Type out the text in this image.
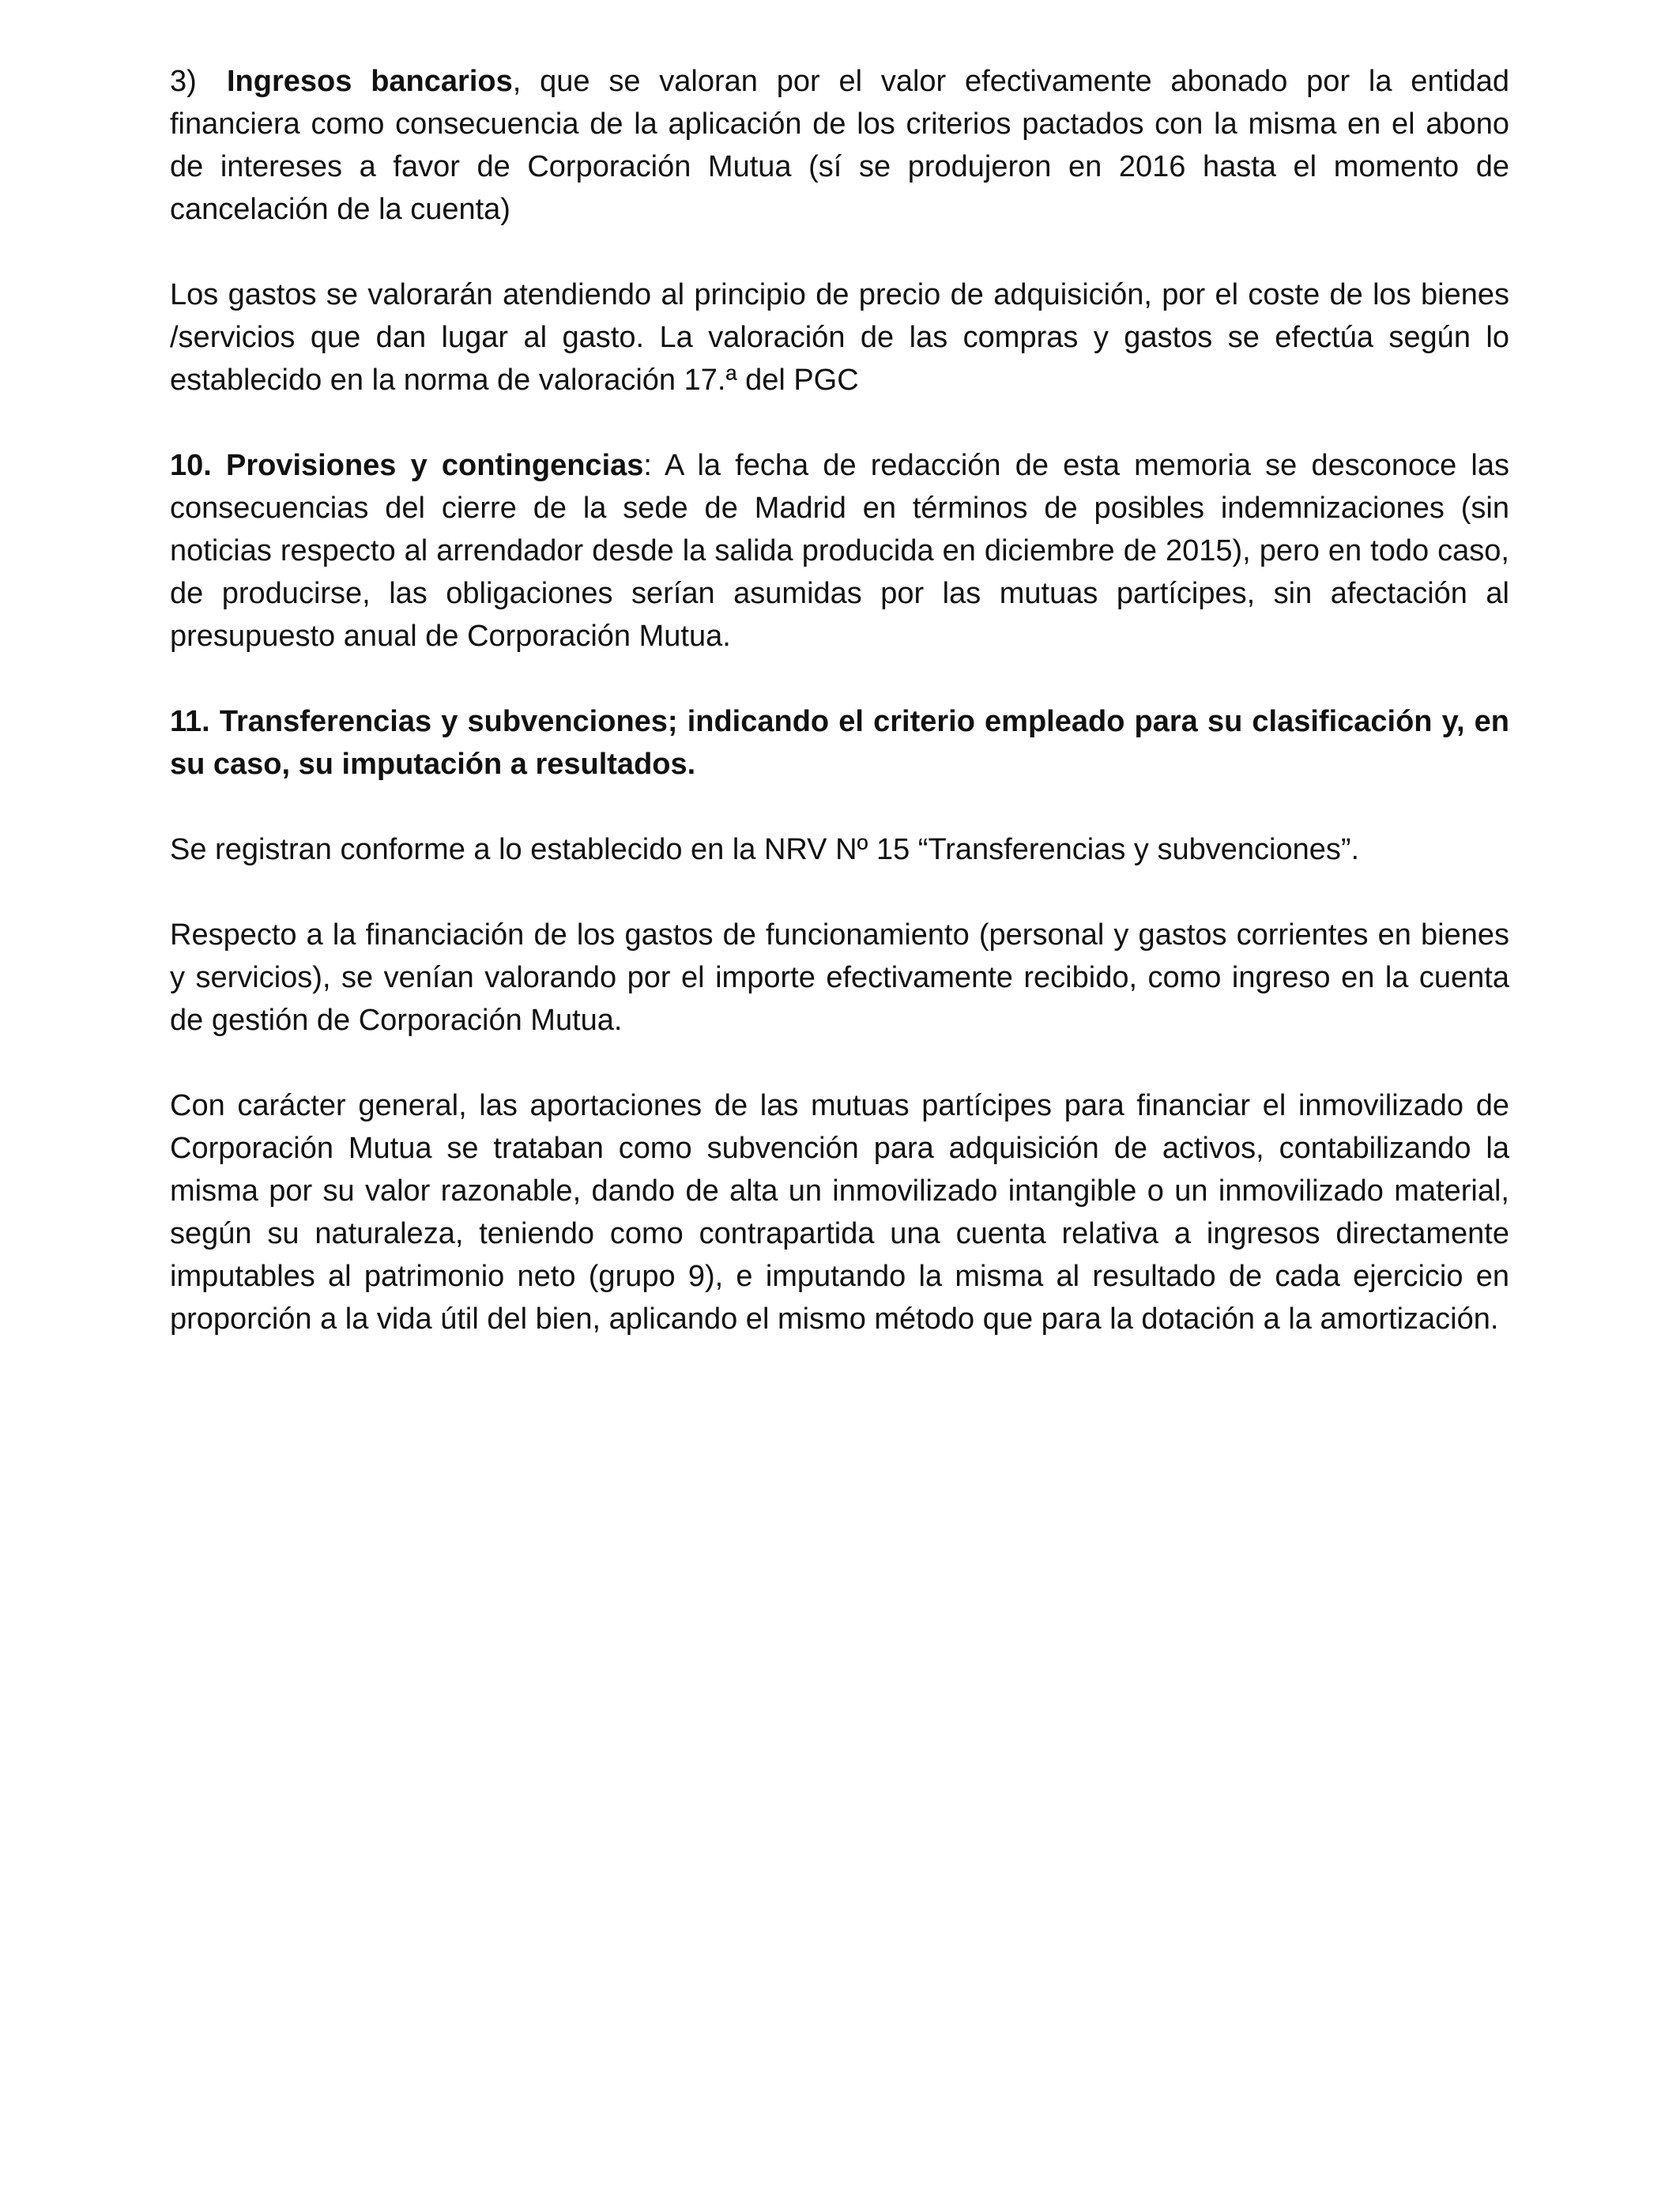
3) Ingresos bancarios, que se valoran por el valor efectivamente abonado por la entidad financiera como consecuencia de la aplicación de los criterios pactados con la misma en el abono de intereses a favor de Corporación Mutua (sí se produjeron en 2016 hasta el momento de cancelación de la cuenta)

Los gastos se valorarán atendiendo al principio de precio de adquisición, por el coste de los bienes /servicios que dan lugar al gasto. La valoración de las compras y gastos se efectúa según lo establecido en la norma de valoración 17.ª del PGC

10. Provisiones y contingencias: A la fecha de redacción de esta memoria se desconoce las consecuencias del cierre de la sede de Madrid en términos de posibles indemnizaciones (sin noticias respecto al arrendador desde la salida producida en diciembre de 2015), pero en todo caso, de producirse, las obligaciones serían asumidas por las mutuas partícipes, sin afectación al presupuesto anual de Corporación Mutua.

11. Transferencias y subvenciones; indicando el criterio empleado para su clasificación y, en su caso, su imputación a resultados.

Se registran conforme a lo establecido en la NRV Nº 15 “Transferencias y subvenciones”.

Respecto a la financiación de los gastos de funcionamiento (personal y gastos corrientes en bienes y servicios), se venían valorando por el importe efectivamente recibido, como ingreso en la cuenta de gestión de Corporación Mutua.

Con carácter general, las aportaciones de las mutuas partícipes para financiar el inmovilizado de Corporación Mutua se trataban como subvención para adquisición de activos, contabilizando la misma por su valor razonable, dando de alta un inmovilizado intangible o un inmovilizado material, según su naturaleza, teniendo como contrapartida una cuenta relativa a ingresos directamente imputables al patrimonio neto (grupo 9), e imputando la misma al resultado de cada ejercicio en proporción a la vida útil del bien, aplicando el mismo método que para la dotación a la amortización.
